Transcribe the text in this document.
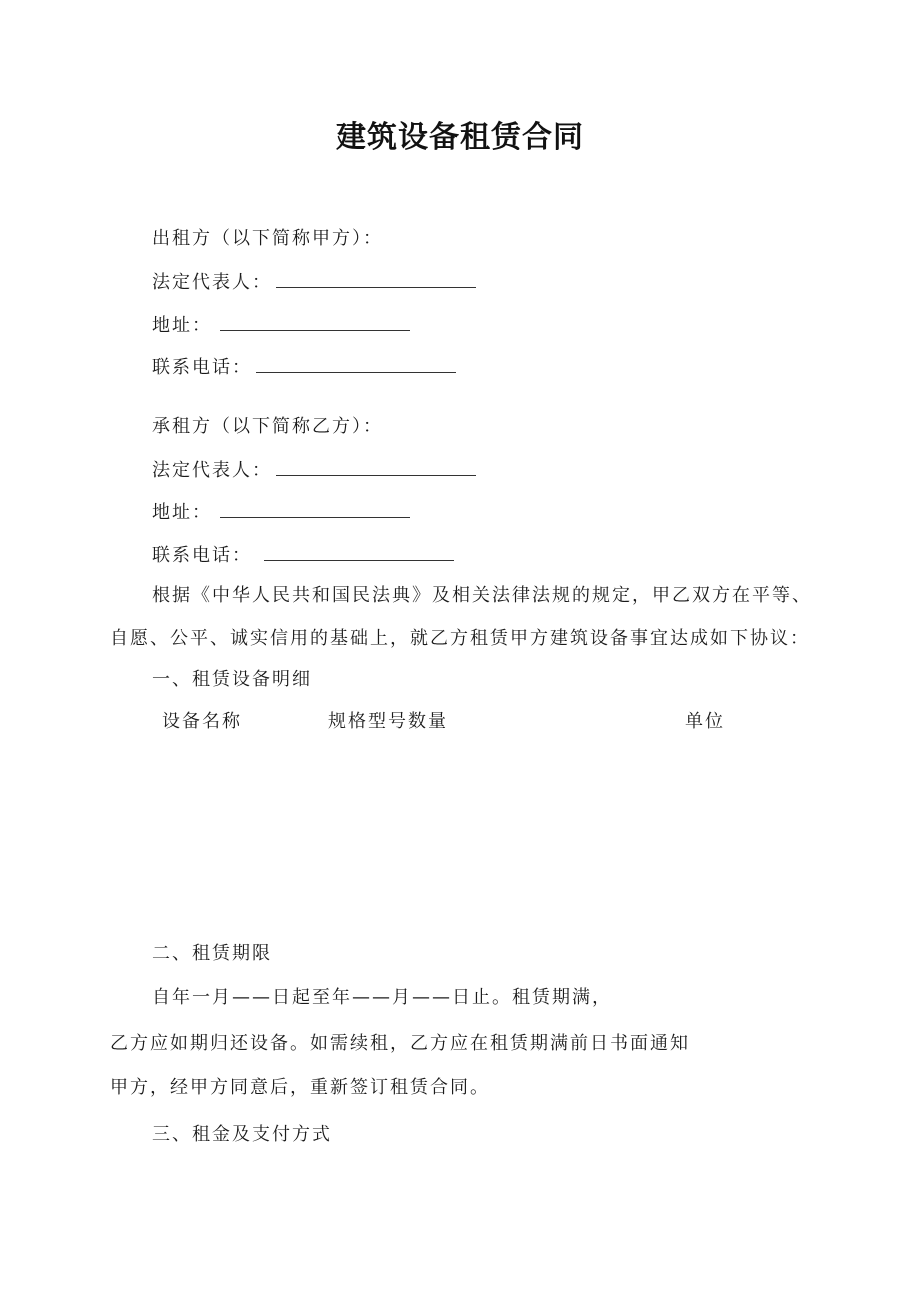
建筑设备租赁合同
出租方（以下简称甲方）：
法定代表人：
地址：
联系电话：
承租方（以下简称乙方）：
法定代表人：
地址：
联系电话：
根据《中华人民共和国民法典》及相关法律法规的规定，甲乙双方在平等、
自愿、公平、诚实信用的基础上，就乙方租赁甲方建筑设备事宜达成如下协议：
一、租赁设备明细
设备名称	规格型号数量	单位
二、租赁期限
自年一月——日起至年——月——日止。租赁期满，
乙方应如期归还设备。如需续租，乙方应在租赁期满前日书面通知
甲方，经甲方同意后，重新签订租赁合同。
三、租金及支付方式
